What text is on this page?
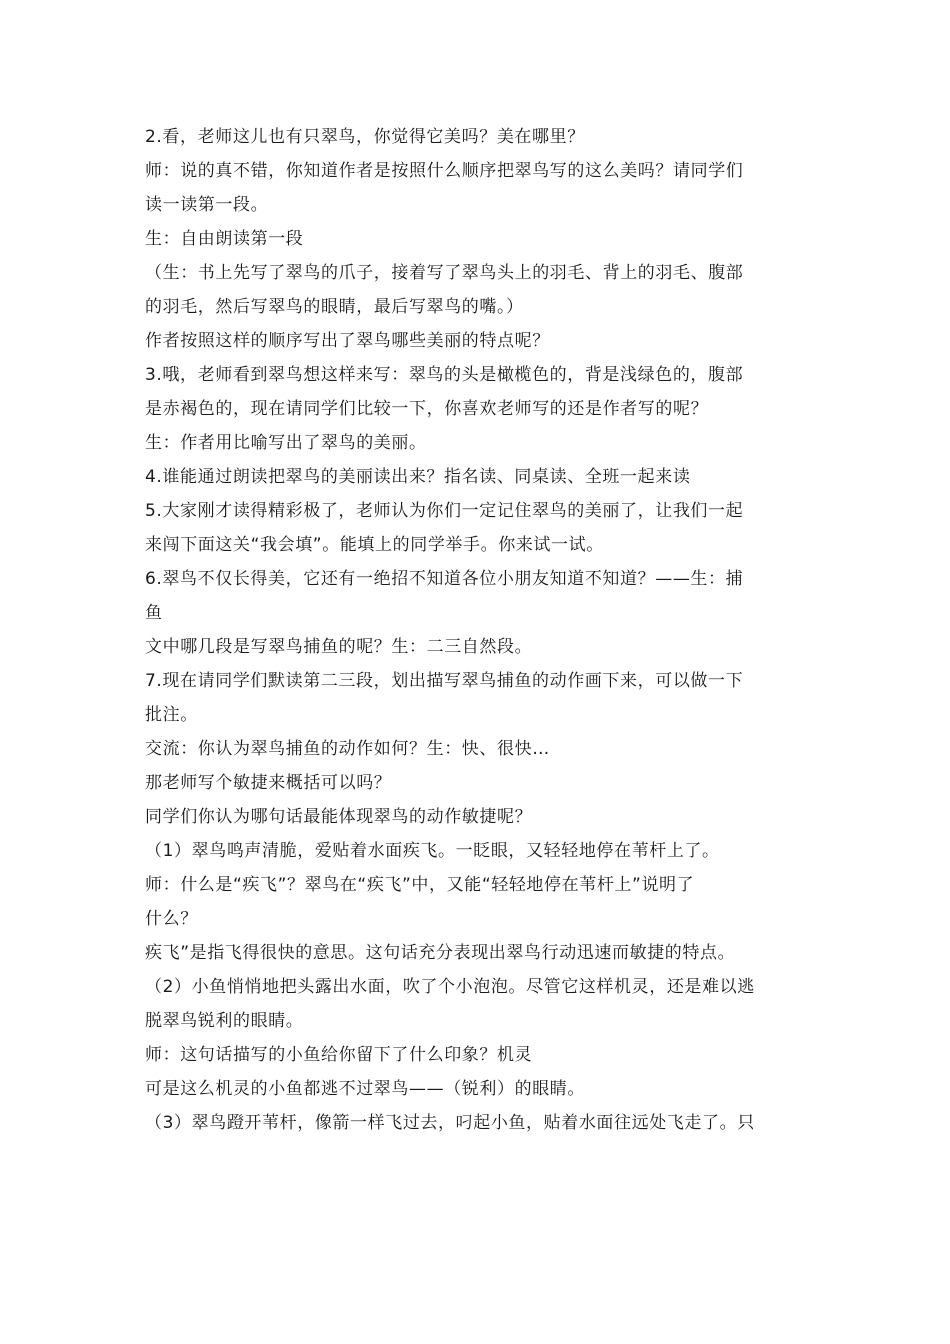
2.看，老师这儿也有只翠鸟，你觉得它美吗？美在哪里？
师：说的真不错，你知道作者是按照什么顺序把翠鸟写的这么美吗？请同学们
读一读第一段。
生：自由朗读第一段
（生：书上先写了翠鸟的爪子，接着写了翠鸟头上的羽毛、背上的羽毛、腹部
的羽毛，然后写翠鸟的眼睛，最后写翠鸟的嘴。）
作者按照这样的顺序写出了翠鸟哪些美丽的特点呢？
3.哦，老师看到翠鸟想这样来写：翠鸟的头是橄榄色的，背是浅绿色的，腹部
是赤褐色的，现在请同学们比较一下，你喜欢老师写的还是作者写的呢？
生：作者用比喻写出了翠鸟的美丽。
4.谁能通过朗读把翠鸟的美丽读出来？指名读、同桌读、全班一起来读
5.大家刚才读得精彩极了，老师认为你们一定记住翠鸟的美丽了，让我们一起
来闯下面这关“我会填”。能填上的同学举手。你来试一试。
6.翠鸟不仅长得美，它还有一绝招不知道各位小朋友知道不知道？——生：捕
鱼
文中哪几段是写翠鸟捕鱼的呢？生：二三自然段。
7.现在请同学们默读第二三段，划出描写翠鸟捕鱼的动作画下来，可以做一下
批注。
交流：你认为翠鸟捕鱼的动作如何？生：快、很快…
那老师写个敏捷来概括可以吗？
同学们你认为哪句话最能体现翠鸟的动作敏捷呢？
（1）翠鸟鸣声清脆，爱贴着水面疾飞。一眨眼，又轻轻地停在苇杆上了。
师：什么是“疾飞”？翠鸟在“疾飞”中，又能“轻轻地停在苇杆上”说明了
什么？
疾飞”是指飞得很快的意思。这句话充分表现出翠鸟行动迅速而敏捷的特点。
（2）小鱼悄悄地把头露出水面，吹了个小泡泡。尽管它这样机灵，还是难以逃
脱翠鸟锐利的眼睛。
师：这句话描写的小鱼给你留下了什么印象？机灵
可是这么机灵的小鱼都逃不过翠鸟——（锐利）的眼睛。
（3）翠鸟蹬开苇杆，像箭一样飞过去，叼起小鱼，贴着水面往远处飞走了。只
